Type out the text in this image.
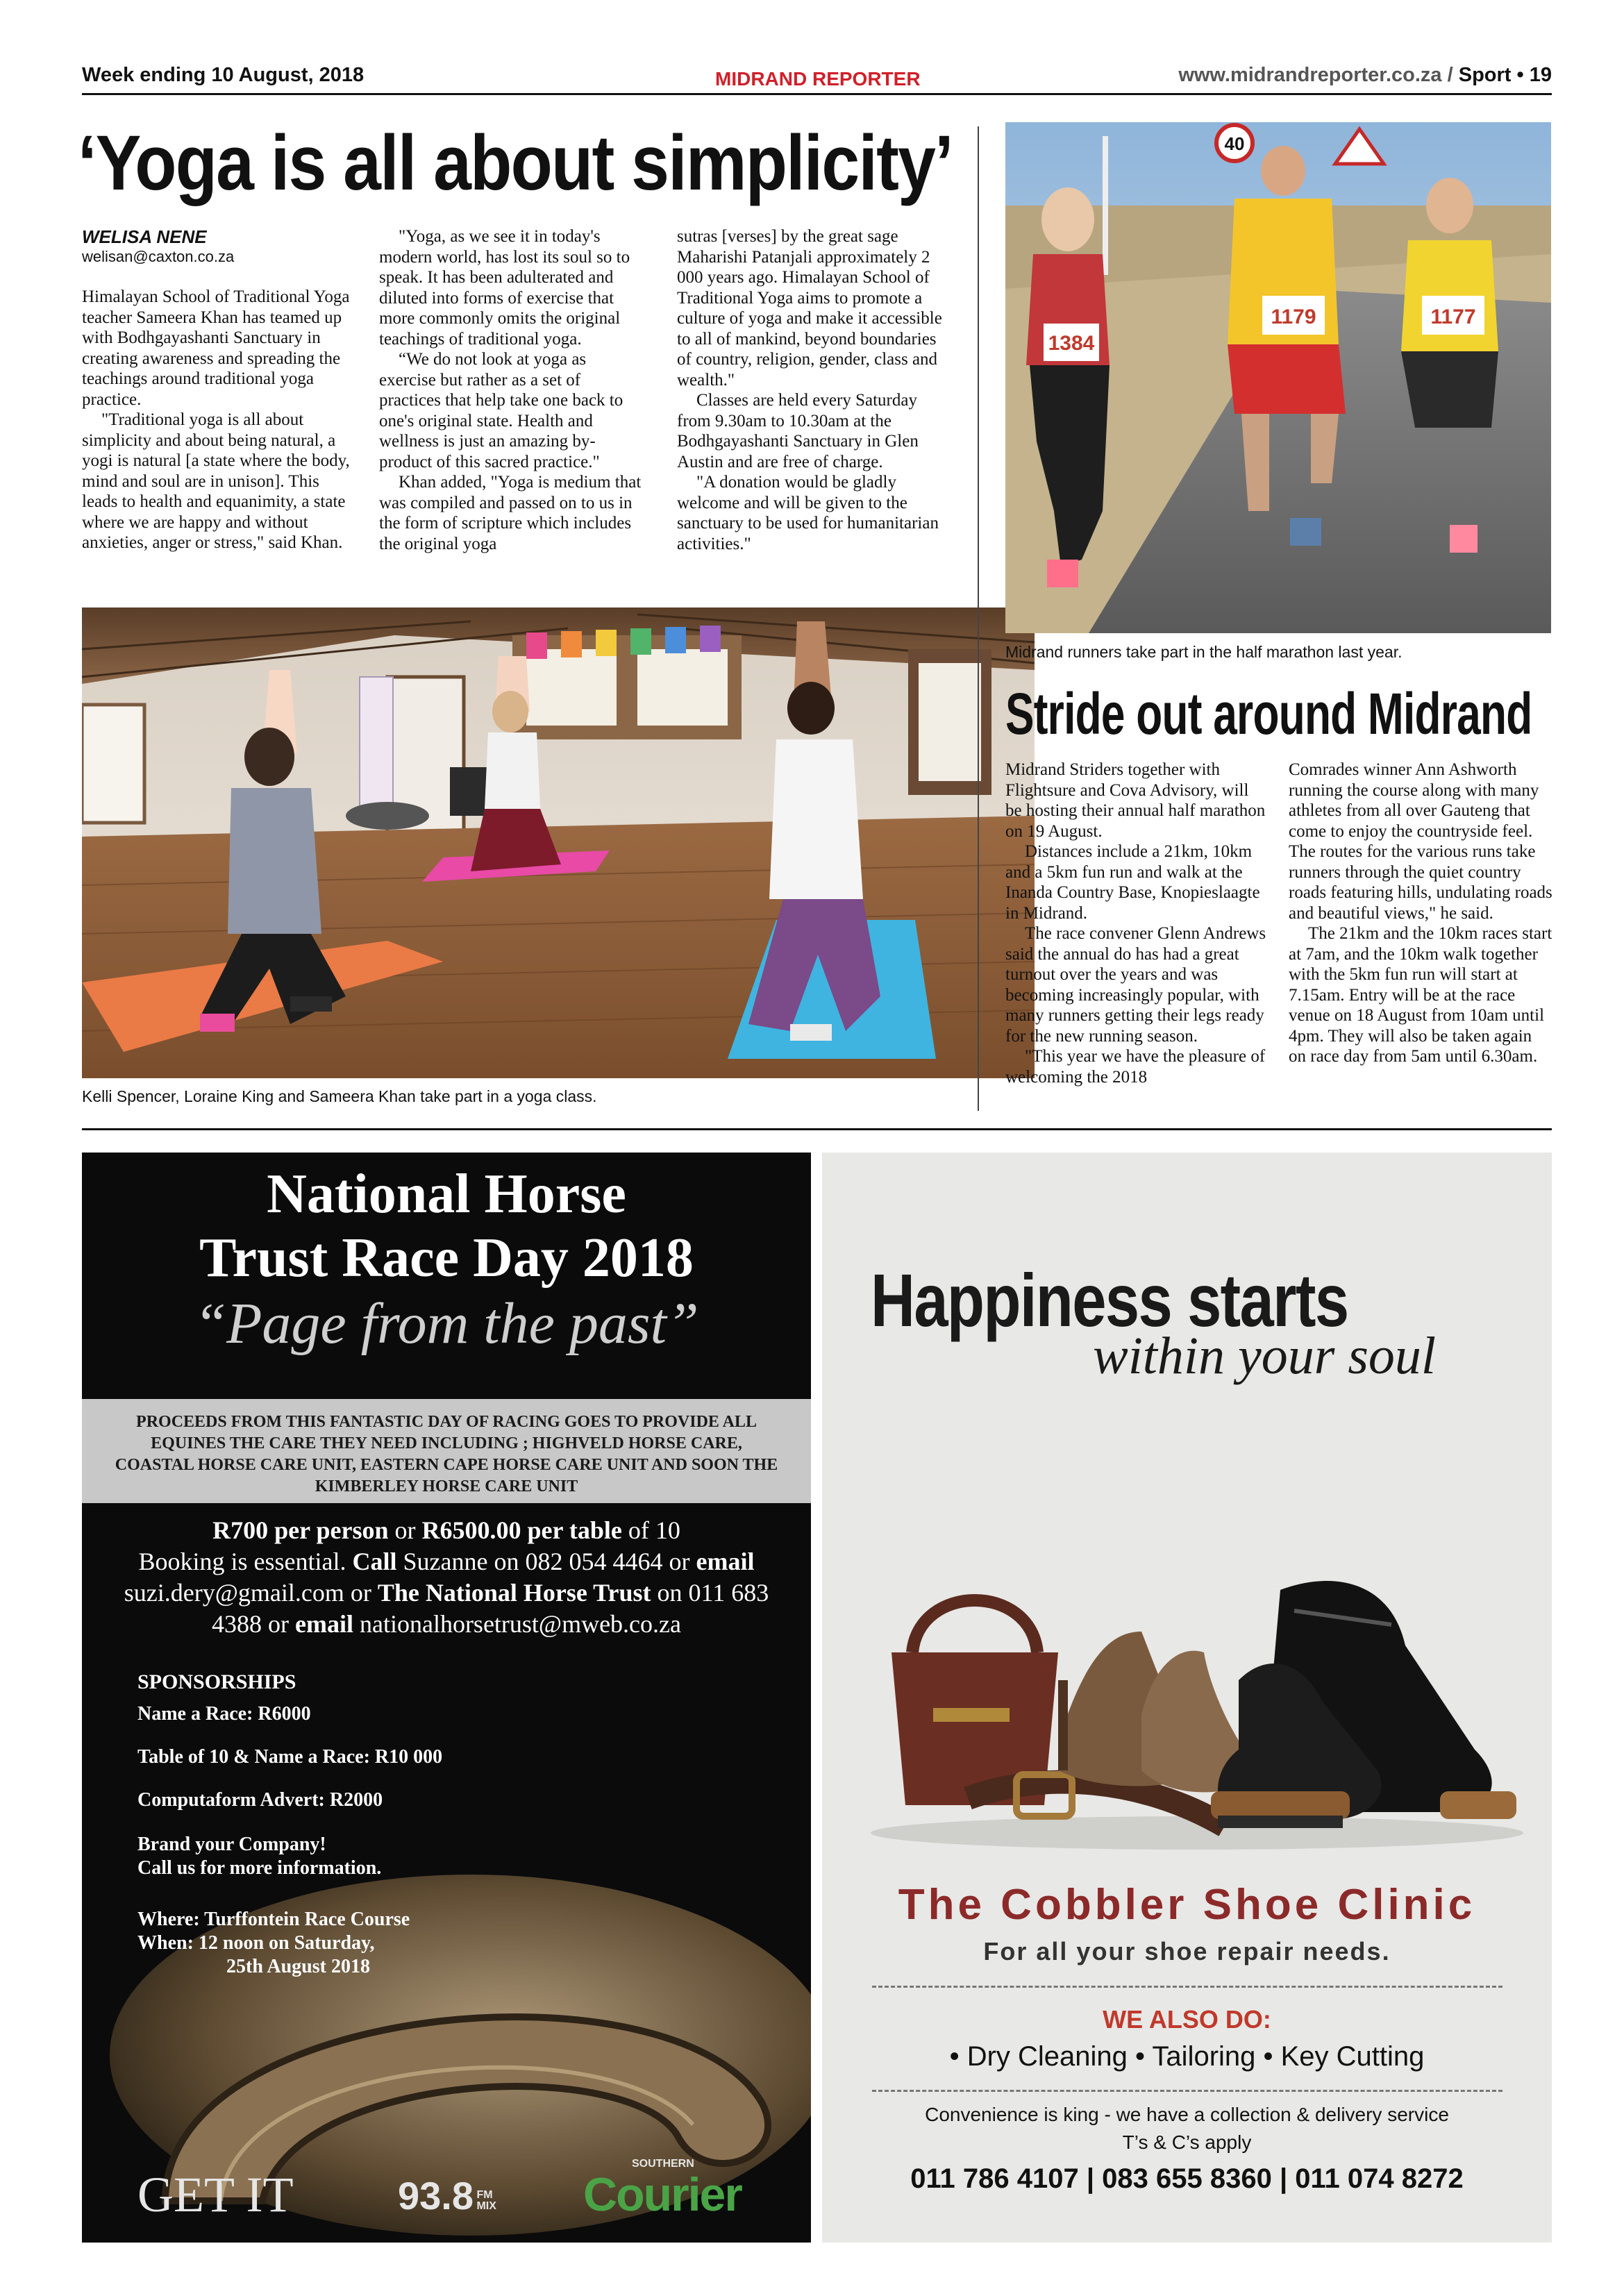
Week ending 10 August, 2018	MIDRAND REPORTER	www.midrandreporter.co.za / Sport • 19
‘Yoga is all about simplicity’
WELISA NENE
welisan@caxton.co.za

Himalayan School of Traditional Yoga teacher Sameera Khan has teamed up with Bodhgayashanti Sanctuary in creating awareness and spreading the teachings around traditional yoga practice.

"Traditional yoga is all about simplicity and about being natural, a yogi is natural [a state where the body, mind and soul are in unison]. This leads to health and equanimity, a state where we are happy and without anxieties, anger or stress," said Khan.

"Yoga, as we see it in today's modern world, has lost its soul so to speak. It has been adulterated and diluted into forms of exercise that more commonly omits the original teachings of traditional yoga.

“We do not look at yoga as exercise but rather as a set of practices that help take one back to one's original state. Health and wellness is just an amazing by-product of this sacred practice."

Khan added, "Yoga is medium that was compiled and passed on to us in the form of scripture which includes the original yoga

sutras [verses] by the great sage Maharishi Patanjali approximately 2 000 years ago. Himalayan School of Traditional Yoga aims to promote a culture of yoga and make it accessible to all of mankind, beyond boundaries of country, religion, gender, class and wealth."

Classes are held every Saturday from 9.30am to 10.30am at the Bodhgayashanti Sanctuary in Glen Austin and are free of charge.

"A donation would be gladly welcome and will be given to the sanctuary to be used for humanitarian activities."

Kelli Spencer, Loraine King and Sameera Khan take part in a yoga class.
40
1384
1179	1177
Midrand runners take part in the half marathon last year.
Stride out around Midrand

Midrand Striders together with Flightsure and Cova Advisory, will be hosting their annual half marathon on 19 August.

Distances include a 21km, 10km and a 5km fun run and walk at the Inanda Country Base, Knopieslaagte in Midrand.

The race convener Glenn Andrews said the annual do has had a great turnout over the years and was becoming increasingly popular, with many runners getting their legs ready for the new running season.

"This year we have the pleasure of welcoming the 2018

Comrades winner Ann Ashworth running the course along with many athletes from all over Gauteng that come to enjoy the countryside feel. The routes for the various runs take runners through the quiet country roads featuring hills, undulating roads and beautiful views," he said.

The 21km and the 10km races start at 7am, and the 10km walk together with the 5km fun run will start at 7.15am. Entry will be at the race venue on 18 August from 10am until 4pm. They will also be taken again on race day from 5am until 6.30am.

National Horse
Trust Race Day 2018
“Page from the past”
PROCEEDS FROM THIS FANTASTIC DAY OF RACING GOES TO PROVIDE ALL EQUINES THE CARE THEY NEED INCLUDING ; HIGHVELD HORSE CARE, COASTAL HORSE CARE UNIT, EASTERN CAPE HORSE CARE UNIT AND SOON THE KIMBERLEY HORSE CARE UNIT
R700 per person or R6500.00 per table of 10
Booking is essential. Call Suzanne on 082 054 4464 or email
suzi.dery@gmail.com or The National Horse Trust on 011 683 4388 or email nationalhorsetrust@mweb.co.za
SPONSORSHIPS
Name a Race: R6000
Table of 10 & Name a Race: R10 000
Computaform Advert: R2000
Brand your Company!
Call us for more information.
Where: Turffontein Race Course
When: 12 noon on Saturday,
25th August 2018
GET IT	93.8 FM
MIX
SOUTHERN
Courier
Happiness starts
within your soul
The Cobbler Shoe Clinic
For all your shoe repair needs.
WE ALSO DO:
• Dry Cleaning • Tailoring • Key Cutting
Convenience is king - we have a collection & delivery service
T’s & C’s apply
011 786 4107 | 083 655 8360 | 011 074 8272
